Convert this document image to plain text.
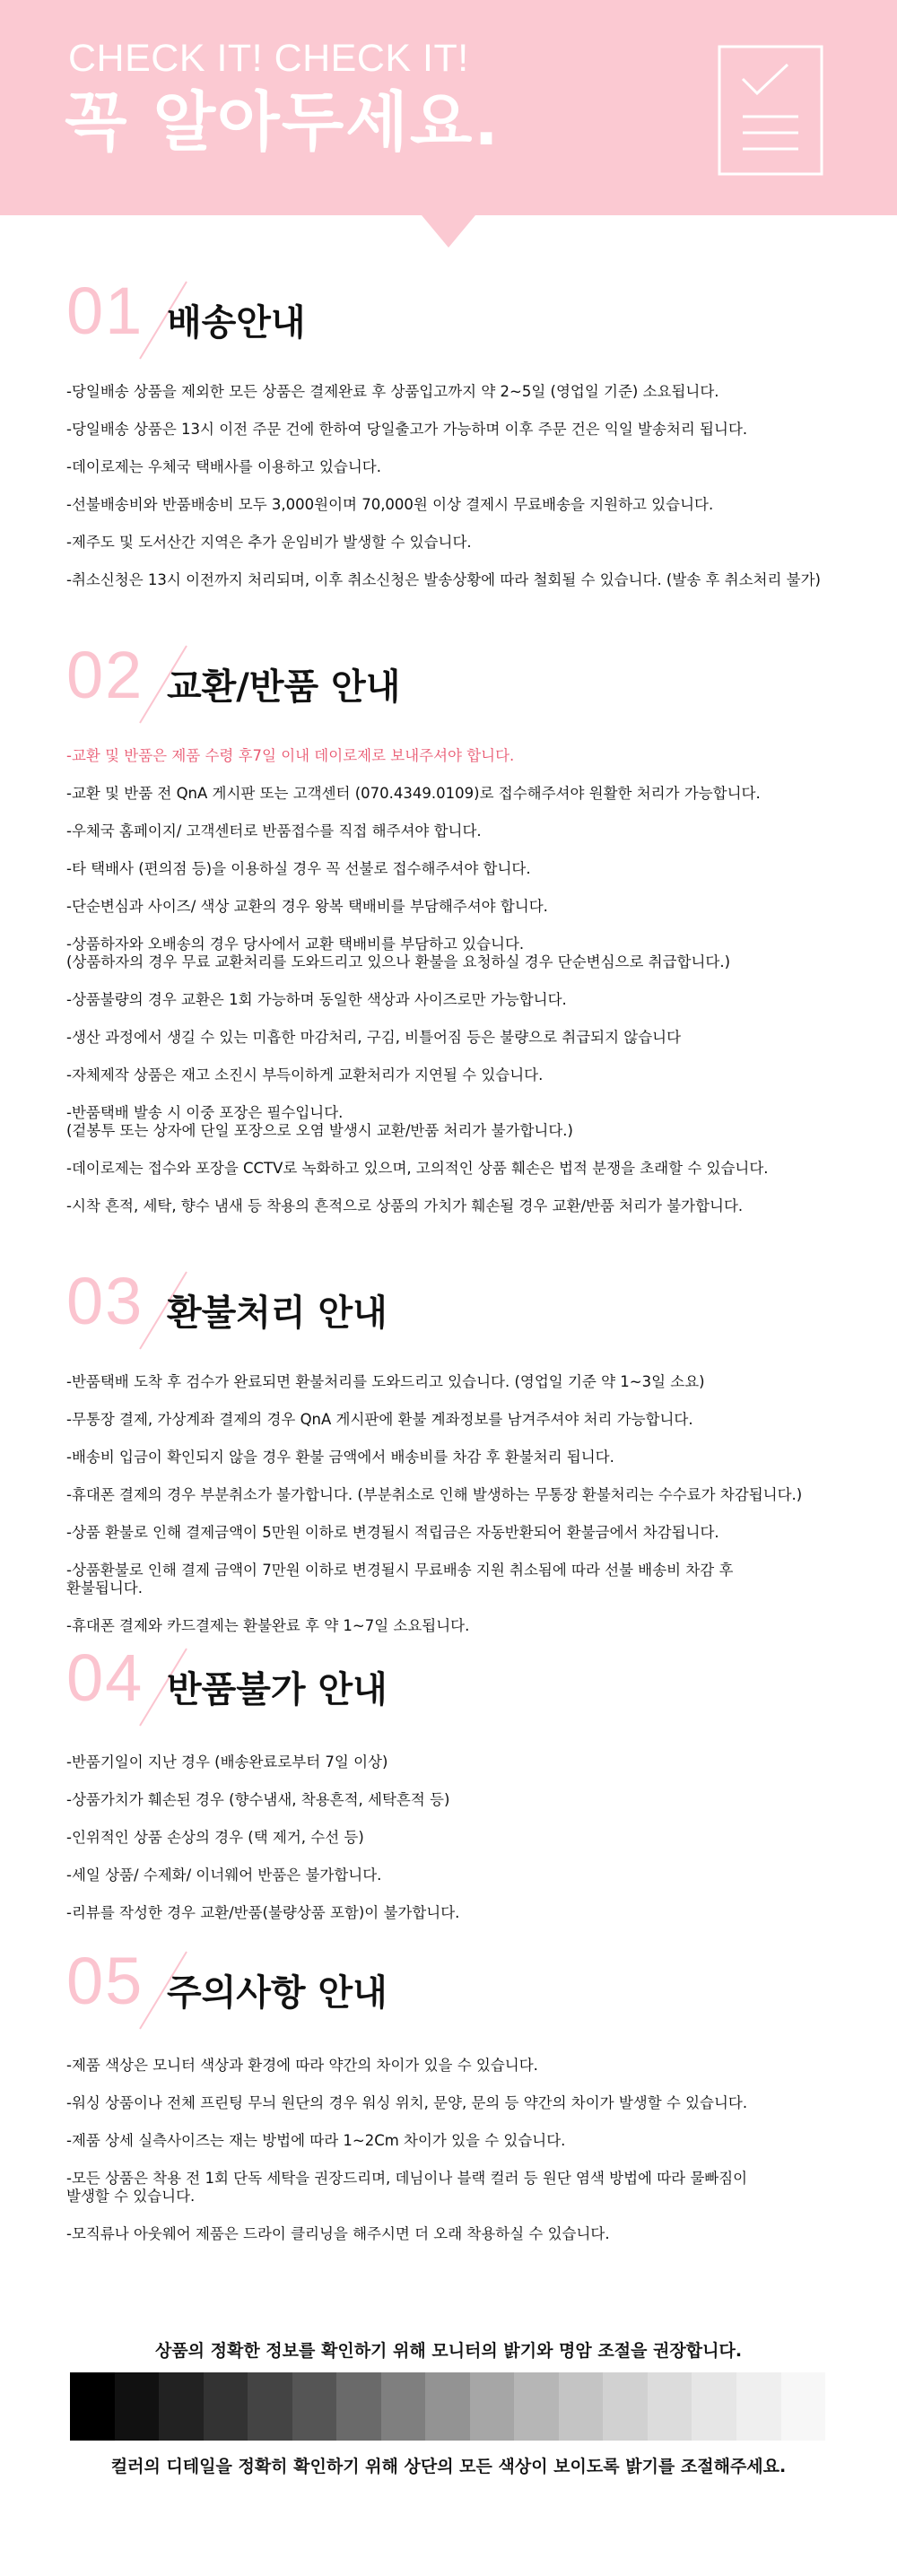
CHECK IT! CHECK IT!
꼭 알아두세요.
01 배송안내
-당일배송 상품을 제외한 모든 상품은 결제완료 후 상품입고까지 약 2~5일 (영업일 기준) 소요됩니다.
-당일배송 상품은 13시 이전 주문 건에 한하여 당일출고가 가능하며 이후 주문 건은 익일 발송처리 됩니다.
-데이로제는 우체국 택배사를 이용하고 있습니다.
-선불배송비와 반품배송비 모두 3,000원이며 70,000원 이상 결제시 무료배송을 지원하고 있습니다.
-제주도 및 도서산간 지역은 추가 운임비가 발생할 수 있습니다.
-취소신청은 13시 이전까지 처리되며, 이후 취소신청은 발송상황에 따라 철회될 수 있습니다. (발송 후 취소처리 불가)
02 교환/반품 안내
-교환 및 반품은 제품 수령 후7일 이내 데이로제로 보내주셔야 합니다.
-교환 및 반품 전 QnA 게시판 또는 고객센터 (070.4349.0109)로 접수해주셔야 원활한 처리가 가능합니다.
-우체국 홈페이지/ 고객센터로 반품접수를 직접 해주셔야 합니다.
-타 택배사 (편의점 등)을 이용하실 경우 꼭 선불로 접수해주셔야 합니다.
-단순변심과 사이즈/ 색상 교환의 경우 왕복 택배비를 부담해주셔야 합니다.
-상품하자와 오배송의 경우 당사에서 교환 택배비를 부담하고 있습니다.
(상품하자의 경우 무료 교환처리를 도와드리고 있으나 환불을 요청하실 경우 단순변심으로 취급합니다.)
-상품불량의 경우 교환은 1회 가능하며 동일한 색상과 사이즈로만 가능합니다.
-생산 과정에서 생길 수 있는 미흡한 마감처리, 구김, 비틀어짐 등은 불량으로 취급되지 않습니다
-자체제작 상품은 재고 소진시 부득이하게 교환처리가 지연될 수 있습니다.
-반품택배 발송 시 이중 포장은 필수입니다.
(겉봉투 또는 상자에 단일 포장으로 오염 발생시 교환/반품 처리가 불가합니다.)
-데이로제는 접수와 포장을 CCTV로 녹화하고 있으며, 고의적인 상품 훼손은 법적 분쟁을 초래할 수 있습니다.
-시착 흔적, 세탁, 향수 냄새 등 착용의 흔적으로 상품의 가치가 훼손될 경우 교환/반품 처리가 불가합니다.
03 환불처리 안내
-반품택배 도착 후 검수가 완료되면 환불처리를 도와드리고 있습니다. (영업일 기준 약 1~3일 소요)
-무통장 결제, 가상계좌 결제의 경우 QnA 게시판에 환불 계좌정보를 남겨주셔야 처리 가능합니다.
-배송비 입금이 확인되지 않을 경우 환불 금액에서 배송비를 차감 후 환불처리 됩니다.
-휴대폰 결제의 경우 부분취소가 불가합니다. (부분취소로 인해 발생하는 무통장 환불처리는 수수료가 차감됩니다.)
-상품 환불로 인해 결제금액이 5만원 이하로 변경될시 적립금은 자동반환되어 환불금에서 차감됩니다.
-상품환불로 인해 결제 금액이 7만원 이하로 변경될시 무료배송 지원 취소됨에 따라 선불 배송비 차감 후
환불됩니다.
-휴대폰 결제와 카드결제는 환불완료 후 약 1~7일 소요됩니다.
04 반품불가 안내
-반품기일이 지난 경우 (배송완료로부터 7일 이상)
-상품가치가 훼손된 경우 (향수냄새, 착용흔적, 세탁흔적 등)
-인위적인 상품 손상의 경우 (택 제거, 수선 등)
-세일 상품/ 수제화/ 이너웨어 반품은 불가합니다.
-리뷰를 작성한 경우 교환/반품(불량상품 포함)이 불가합니다.
05 주의사항 안내
-제품 색상은 모니터 색상과 환경에 따라 약간의 차이가 있을 수 있습니다.
-워싱 상품이나 전체 프린팅 무늬 원단의 경우 워싱 위치, 문양, 문의 등 약간의 차이가 발생할 수 있습니다.
-제품 상세 실측사이즈는 재는 방법에 따라 1~2Cm 차이가 있을 수 있습니다.
-모든 상품은 착용 전 1회 단독 세탁을 권장드리며, 데님이나 블랙 컬러 등 원단 염색 방법에 따라 물빠짐이
발생할 수 있습니다.
-모직류나 아웃웨어 제품은 드라이 클리닝을 해주시면 더 오래 착용하실 수 있습니다.
상품의 정확한 정보를 확인하기 위해 모니터의 밝기와 명암 조절을 권장합니다.
컬러의 디테일을 정확히 확인하기 위해 상단의 모든 색상이 보이도록 밝기를 조절해주세요.
